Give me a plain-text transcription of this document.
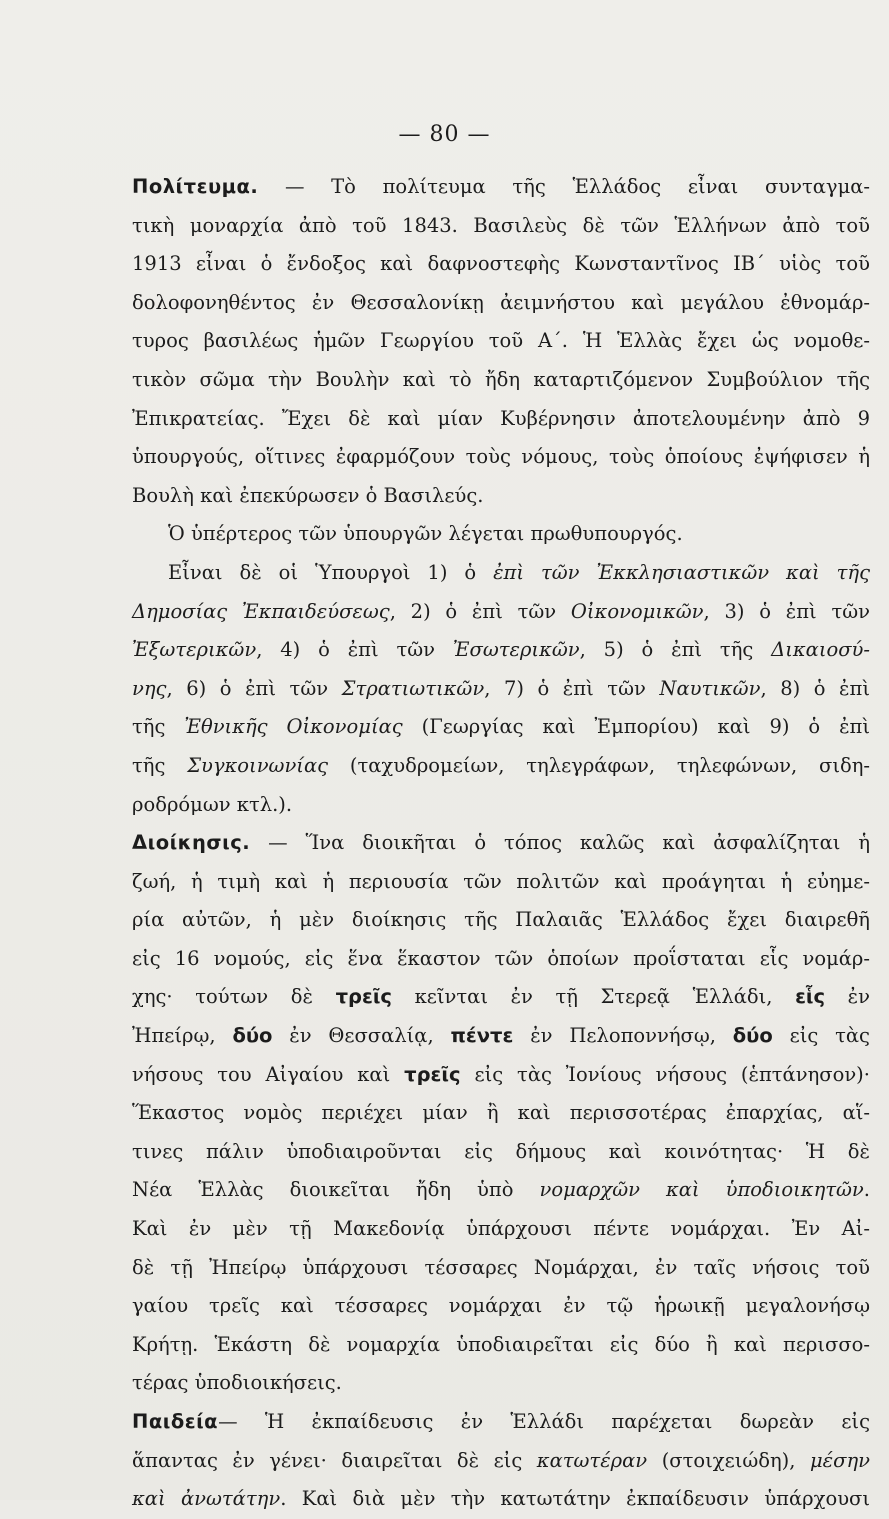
— 80 —
Πολίτευμα. — Τὸ πολίτευμα τῆς Ἑλλάδος εἶναι συνταγμα-
τικὴ μοναρχία ἀπὸ τοῦ 1843. Βασιλεὺς δὲ τῶν Ἑλλήνων ἀπὸ τοῦ
1913 εἶναι ὁ ἔνδοξος καὶ δαφνοστεφὴς Κωνσταντῖνος ΙΒ΄ υἱὸς τοῦ
δολοφονηθέντος ἐν Θεσσαλονίκῃ ἀειμνήστου καὶ μεγάλου ἐθνομάρ-
τυρος βασιλέως ἡμῶν Γεωργίου τοῦ Α΄. Ἡ Ἑλλὰς ἔχει ὡς νομοθε-
τικὸν σῶμα τὴν Βουλὴν καὶ τὸ ἤδη καταρτιζόμενον Συμβούλιον τῆς
Ἐπικρατείας. Ἔχει δὲ καὶ μίαν Κυβέρνησιν ἀποτελουμένην ἀπὸ 9
ὑπουργούς, οἵτινες ἐφαρμόζουν τοὺς νόμους, τοὺς ὁποίους ἐψήφισεν ἡ
Βουλὴ καὶ ἐπεκύρωσεν ὁ Βασιλεύς.
Ὁ ὑπέρτερος τῶν ὑπουργῶν λέγεται πρωθυπουργός.
Εἶναι δὲ οἱ Ὑπουργοὶ 1) ὁ ἐπὶ τῶν Ἐκκλησιαστικῶν καὶ τῆς
Δημοσίας Ἐκπαιδεύσεως, 2) ὁ ἐπὶ τῶν Οἰκονομικῶν, 3) ὁ ἐπὶ τῶν
Ἐξωτερικῶν, 4) ὁ ἐπὶ τῶν Ἐσωτερικῶν, 5) ὁ ἐπὶ τῆς Δικαιοσύ-
νης, 6) ὁ ἐπὶ τῶν Στρατιωτικῶν, 7) ὁ ἐπὶ τῶν Ναυτικῶν, 8) ὁ ἐπὶ
τῆς Ἐθνικῆς Οἰκονομίας (Γεωργίας καὶ Ἐμπορίου) καὶ 9) ὁ ἐπὶ
τῆς Συγκοινωνίας (ταχυδρομείων, τηλεγράφων, τηλεφώνων, σιδη-
ροδρόμων κτλ.).
Διοίκησις. — Ἵνα διοικῆται ὁ τόπος καλῶς καὶ ἀσφαλίζηται ἡ
ζωή, ἡ τιμὴ καὶ ἡ περιουσία τῶν πολιτῶν καὶ προάγηται ἡ εὐημε-
ρία αὐτῶν, ἡ μὲν διοίκησις τῆς Παλαιᾶς Ἑλλάδος ἔχει διαιρεθῆ
εἰς 16 νομούς, εἰς ἕνα ἕκαστον τῶν ὁποίων προΐσταται εἷς νομάρ-
χης· τούτων δὲ τρεῖς κεῖνται ἐν τῇ Στερεᾷ Ἑλλάδι, εἷς ἐν
Ἠπείρῳ, δύο ἐν Θεσσαλίᾳ, πέντε ἐν Πελοποννήσῳ, δύο εἰς τὰς
νήσους του Αἰγαίου καὶ τρεῖς εἰς τὰς Ἰονίους νήσους (ἑπτάνησον)·
Ἕκαστος νομὸς περιέχει μίαν ἢ καὶ περισσοτέρας ἐπαρχίας, αἵ-
τινες πάλιν ὑποδιαιροῦνται εἰς δήμους καὶ κοινότητας· Ἡ δὲ
Νέα Ἑλλὰς διοικεῖται ἤδη ὑπὸ νομαρχῶν καὶ ὑποδιοικητῶν.
Καὶ ἐν μὲν τῇ Μακεδονίᾳ ὑπάρχουσι πέντε νομάρχαι. Ἐν Αἰ-
δὲ τῇ Ἠπείρῳ ὑπάρχουσι τέσσαρες Νομάρχαι, ἐν ταῖς νήσοις τοῦ
γαίου τρεῖς καὶ τέσσαρες νομάρχαι ἐν τῷ ἡρωικῇ μεγαλονήσῳ
Κρήτῃ. Ἑκάστη δὲ νομαρχία ὑποδιαιρεῖται εἰς δύο ἢ καὶ περισσο-
τέρας ὑποδιοικήσεις.
Παιδεία— Ἡ ἐκπαίδευσις ἐν Ἑλλάδι παρέχεται δωρεὰν εἰς
ἅπαντας ἐν γένει· διαιρεῖται δὲ εἰς κατωτέραν (στοιχειώδη), μέσην
καὶ ἀνωτάτην. Καὶ διὰ μὲν τὴν κατωτάτην ἐκπαίδευσιν ὑπάρχουσι
